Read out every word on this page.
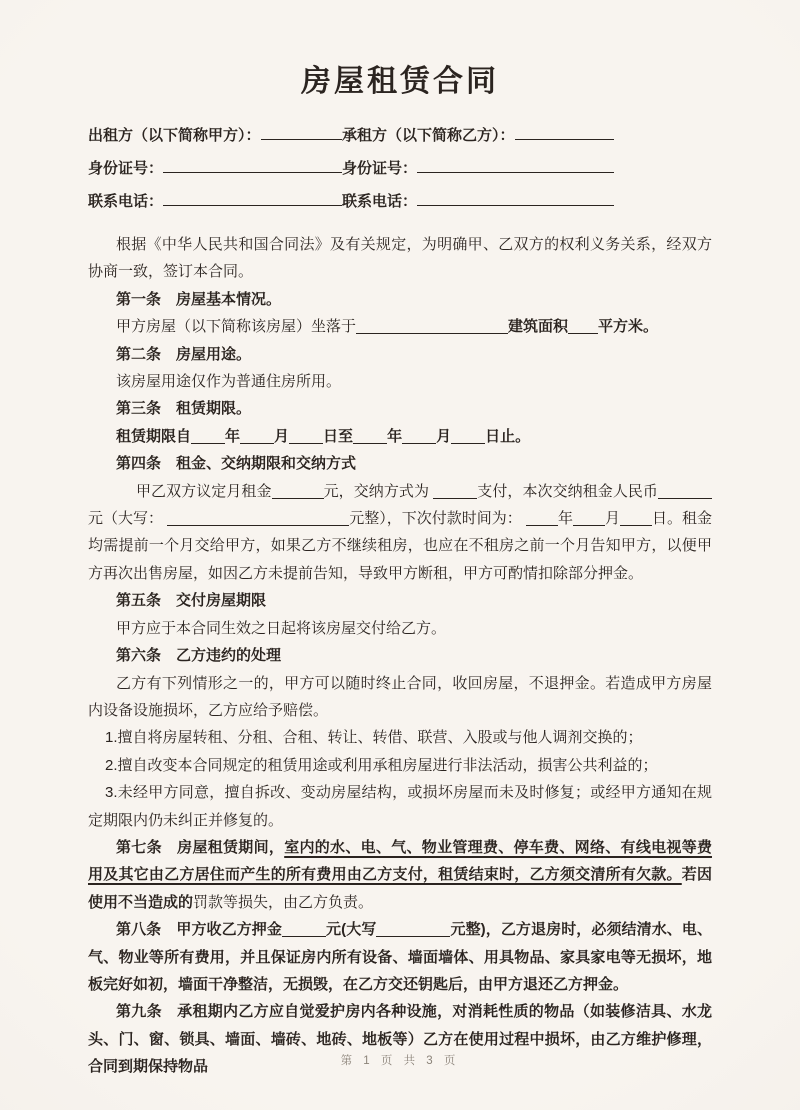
房屋租赁合同
出租方（以下简称甲方）：	承租方（以下简称乙方）：
身份证号：	身份证号：
联系电话：	联系电话：

根据《中华人民共和国合同法》及有关规定，为明确甲、乙双方的权利义务关系，经双方协商一致，签订本合同。

第一条　房屋基本情况。

甲方房屋（以下简称该房屋）坐落于	建筑面积 平方米。

第二条　房屋用途。

该房屋用途仅作为普通住房所用。

第三条　租赁期限。

租赁期限自 年 月 日至 年 月 日止。

第四条　租金、交纳期限和交纳方式

甲乙双方议定月租金	元，交纳方式为	支付，本次交纳租金人民币元（大写：	元整），下次付款时间为： 年 月 日。租金均需提前一个月交给甲方，如果乙方不继续租房，也应在不租房之前一个月告知甲方，以便甲方再次出售房屋，如因乙方未提前告知，导致甲方断租，甲方可酌情扣除部分押金。

第五条　交付房屋期限

甲方应于本合同生效之日起将该房屋交付给乙方。

第六条　乙方违约的处理

乙方有下列情形之一的，甲方可以随时终止合同，收回房屋，不退押金。若造成甲方房屋内设备设施损坏，乙方应给予赔偿。

1.擅自将房屋转租、分租、合租、转让、转借、联营、入股或与他人调剂交换的；

2.擅自改变本合同规定的租赁用途或利用承租房屋进行非法活动，损害公共利益的；

3.未经甲方同意，擅自拆改、变动房屋结构，或损坏房屋而未及时修复；或经甲方通知在规定期限内仍未纠正并修复的。

第七条　房屋租赁期间，室内的水、电、气、物业管理费、停车费、网络、有线电视等费用及其它由乙方居住而产生的所有费用由乙方支付，租赁结束时，乙方须交清所有欠款。若因使用不当造成的罚款等损失，由乙方负责。

第八条　甲方收乙方押金	元(大写	元整)，乙方退房时，必须结清水、电、气、物业等所有费用，并且保证房内所有设备、墙面墙体、用具物品、家具家电等无损坏，地板完好如初，墙面干净整洁，无损毁，在乙方交还钥匙后，由甲方退还乙方押金。

第九条　承租期内乙方应自觉爱护房内各种设施，对消耗性质的物品（如装修洁具、水龙头、门、窗、锁具、墙面、墙砖、地砖、地板等）乙方在使用过程中损坏，由乙方维护修理，合同到期保持物品	第 1 页 共 3 页
